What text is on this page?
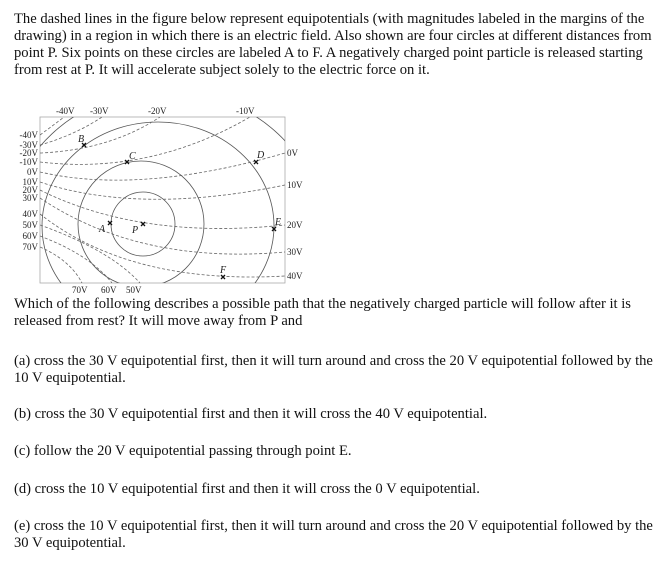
The dashed lines in the figure below represent equipotentials (with magnitudes labeled in the margins of the drawing) in a region in which there is an electric field. Also shown are four circles at different distances from point P. Six points on these circles are labeled A to F. A negatively charged point particle is released starting from rest at P. It will accelerate subject solely to the electric force on it.

-40V -30V	-20V	-10V
-40V
-30V
-20V
-10V
0V
10V
20V
30V
40V
50V
60V
70V
0V
10V
20V
30V
40V
70V 60V 50V
A
B
C	D
E
F
P

Which of the following describes a possible path that the negatively charged particle will follow after it is released from rest? It will move away from P and

(a) cross the 30 V equipotential first, then it will turn around and cross the 20 V equipotential followed by the 10 V equipotential.

(b) cross the 30 V equipotential first and then it will cross the 40 V equipotential.

(c) follow the 20 V equipotential passing through point E.

(d) cross the 10 V equipotential first and then it will cross the 0 V equipotential.

(e) cross the 10 V equipotential first, then it will turn around and cross the 20 V equipotential followed by the 30 V equipotential.
